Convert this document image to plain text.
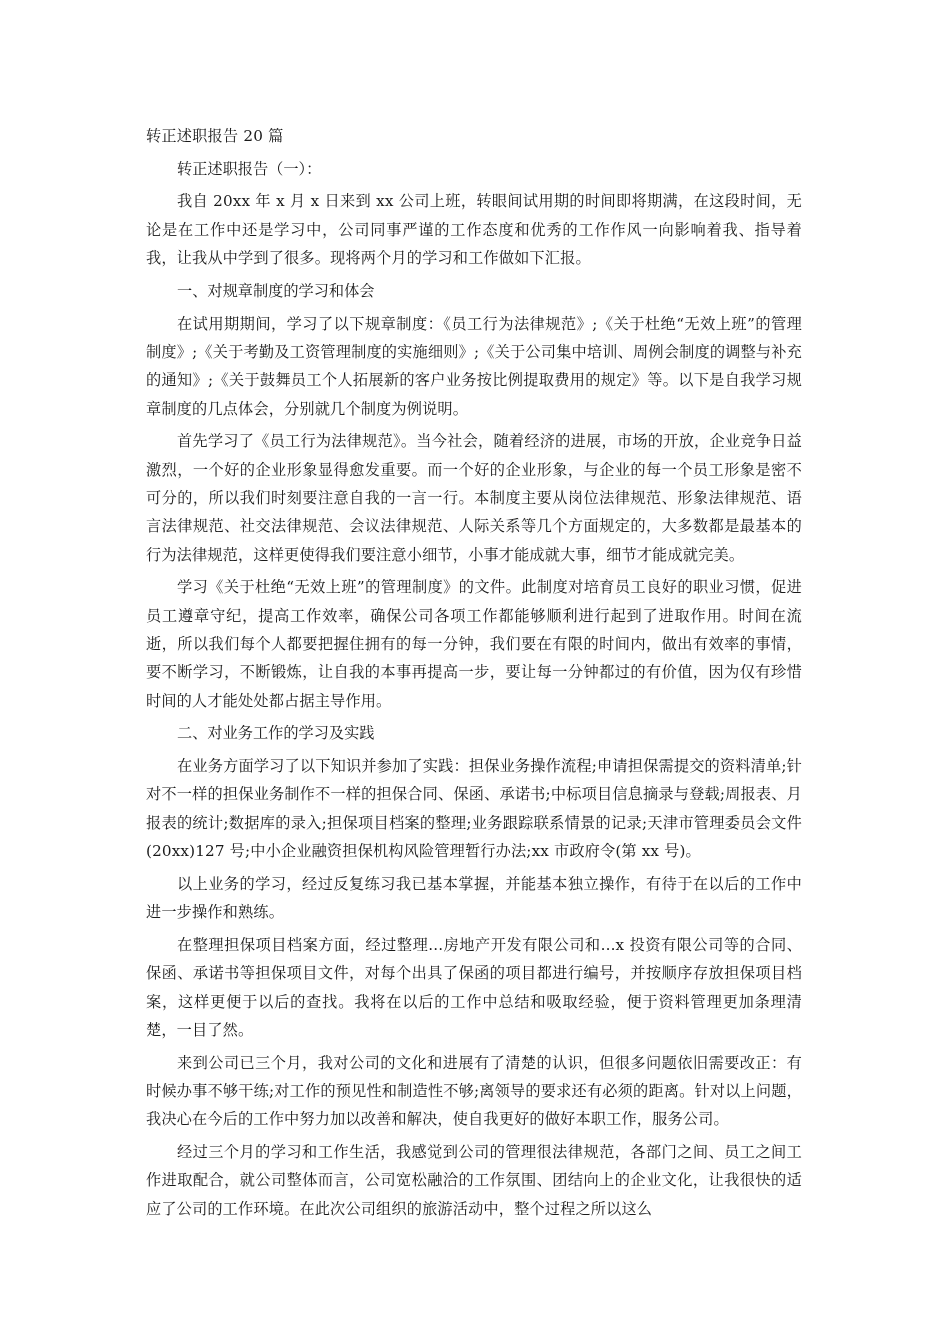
转正述职报告 20 篇
转正述职报告（一）：
我自 20xx 年 x 月 x 日来到 xx 公司上班，转眼间试用期的时间即将期满，在这段时间，无论是在工作中还是学习中，公司同事严谨的工作态度和优秀的工作作风一向影响着我、指导着我，让我从中学到了很多。现将两个月的学习和工作做如下汇报。
一、对规章制度的学习和体会
在试用期期间，学习了以下规章制度：《员工行为法律规范》;《关于杜绝“无效上班”的管理制度》;《关于考勤及工资管理制度的实施细则》;《关于公司集中培训、周例会制度的调整与补充的通知》;《关于鼓舞员工个人拓展新的客户业务按比例提取费用的规定》等。以下是自我学习规章制度的几点体会，分别就几个制度为例说明。
首先学习了《员工行为法律规范》。当今社会，随着经济的进展，市场的开放，企业竞争日益激烈，一个好的企业形象显得愈发重要。而一个好的企业形象，与企业的每一个员工形象是密不可分的，所以我们时刻要注意自我的一言一行。本制度主要从岗位法律规范、形象法律规范、语言法律规范、社交法律规范、会议法律规范、人际关系等几个方面规定的，大多数都是最基本的行为法律规范，这样更使得我们要注意小细节，小事才能成就大事，细节才能成就完美。
学习《关于杜绝“无效上班”的管理制度》的文件。此制度对培育员工良好的职业习惯，促进员工遵章守纪，提高工作效率，确保公司各项工作都能够顺利进行起到了进取作用。时间在流逝，所以我们每个人都要把握住拥有的每一分钟，我们要在有限的时间内，做出有效率的事情，要不断学习，不断锻炼，让自我的本事再提高一步，要让每一分钟都过的有价值，因为仅有珍惜时间的人才能处处都占据主导作用。
二、对业务工作的学习及实践
在业务方面学习了以下知识并参加了实践：担保业务操作流程;申请担保需提交的资料清单;针对不一样的担保业务制作不一样的担保合同、保函、承诺书;中标项目信息摘录与登载;周报表、月报表的统计;数据库的录入;担保项目档案的整理;业务跟踪联系情景的记录;天津市管理委员会文件(20xx)127 号;中小企业融资担保机构风险管理暂行办法;xx 市政府令(第 xx 号)。
以上业务的学习，经过反复练习我已基本掌握，并能基本独立操作，有待于在以后的工作中进一步操作和熟练。
在整理担保项目档案方面，经过整理...房地产开发有限公司和...x 投资有限公司等的合同、保函、承诺书等担保项目文件，对每个出具了保函的项目都进行编号，并按顺序存放担保项目档案，这样更便于以后的查找。我将在以后的工作中总结和吸取经验，便于资料管理更加条理清楚，一目了然。
来到公司已三个月，我对公司的文化和进展有了清楚的认识，但很多问题依旧需要改正：有时候办事不够干练;对工作的预见性和制造性不够;离领导的要求还有必须的距离。针对以上问题，我决心在今后的工作中努力加以改善和解决，使自我更好的做好本职工作，服务公司。
经过三个月的学习和工作生活，我感觉到公司的管理很法律规范，各部门之间、员工之间工作进取配合，就公司整体而言，公司宽松融洽的工作氛围、团结向上的企业文化，让我很快的适应了公司的工作环境。在此次公司组织的旅游活动中，整个过程之所以这么
